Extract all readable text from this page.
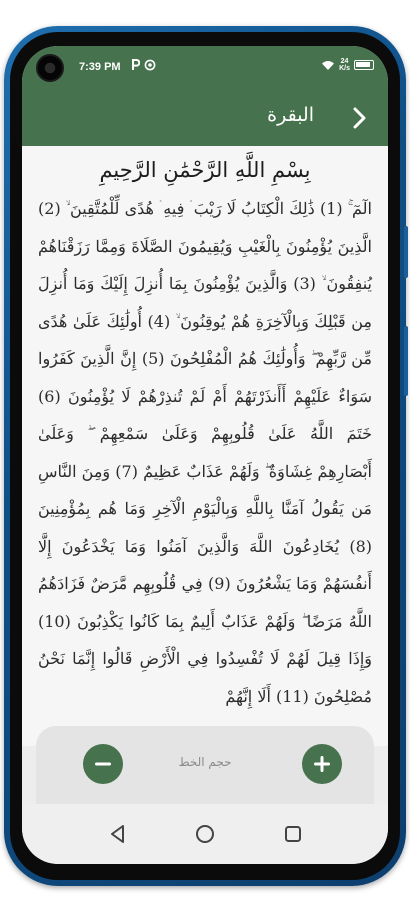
7:39 PM	24
K/s
البقرة
بِسْمِ اللَّهِ الرَّحْمَٰنِ الرَّحِيمِ
الٓمٓ ۚ (1) ذَٰلِكَ الْكِتَابُ لَا رَيْبَ ۛ فِيهِ ۛ هُدًى لِّلْمُتَّقِينَ ۙ (2) الَّذِينَ يُؤْمِنُونَ بِالْغَيْبِ وَيُقِيمُونَ الصَّلَاةَ وَمِمَّا رَزَقْنَاهُمْ يُنفِقُونَ ۙ (3) وَالَّذِينَ يُؤْمِنُونَ بِمَا أُنزِلَ إِلَيْكَ وَمَا أُنزِلَ مِن قَبْلِكَ وَبِالْآخِرَةِ هُمْ يُوقِنُونَ ۙ (4) أُولَٰئِكَ عَلَىٰ هُدًى مِّن رَّبِّهِمْ ۖ وَأُولَٰئِكَ هُمُ الْمُفْلِحُونَ (5) إِنَّ الَّذِينَ كَفَرُوا سَوَاءٌ عَلَيْهِمْ أَأَنذَرْتَهُمْ أَمْ لَمْ تُنذِرْهُمْ لَا يُؤْمِنُونَ (6) خَتَمَ اللَّهُ عَلَىٰ قُلُوبِهِمْ وَعَلَىٰ سَمْعِهِمْ ۖ وَعَلَىٰ أَبْصَارِهِمْ غِشَاوَةٌ ۖ وَلَهُمْ عَذَابٌ عَظِيمٌ (7) وَمِنَ النَّاسِ مَن يَقُولُ آمَنَّا بِاللَّهِ وَبِالْيَوْمِ الْآخِرِ وَمَا هُم بِمُؤْمِنِينَ (8) يُخَادِعُونَ اللَّهَ وَالَّذِينَ آمَنُوا وَمَا يَخْدَعُونَ إِلَّا أَنفُسَهُمْ وَمَا يَشْعُرُونَ (9) فِي قُلُوبِهِم مَّرَضٌ فَزَادَهُمُ اللَّهُ مَرَضًا ۖ وَلَهُمْ عَذَابٌ أَلِيمٌ بِمَا كَانُوا يَكْذِبُونَ (10) وَإِذَا قِيلَ لَهُمْ لَا تُفْسِدُوا فِي الْأَرْضِ قَالُوا إِنَّمَا نَحْنُ مُصْلِحُونَ (11) أَلَا إِنَّهُمْ
حجم الخط
